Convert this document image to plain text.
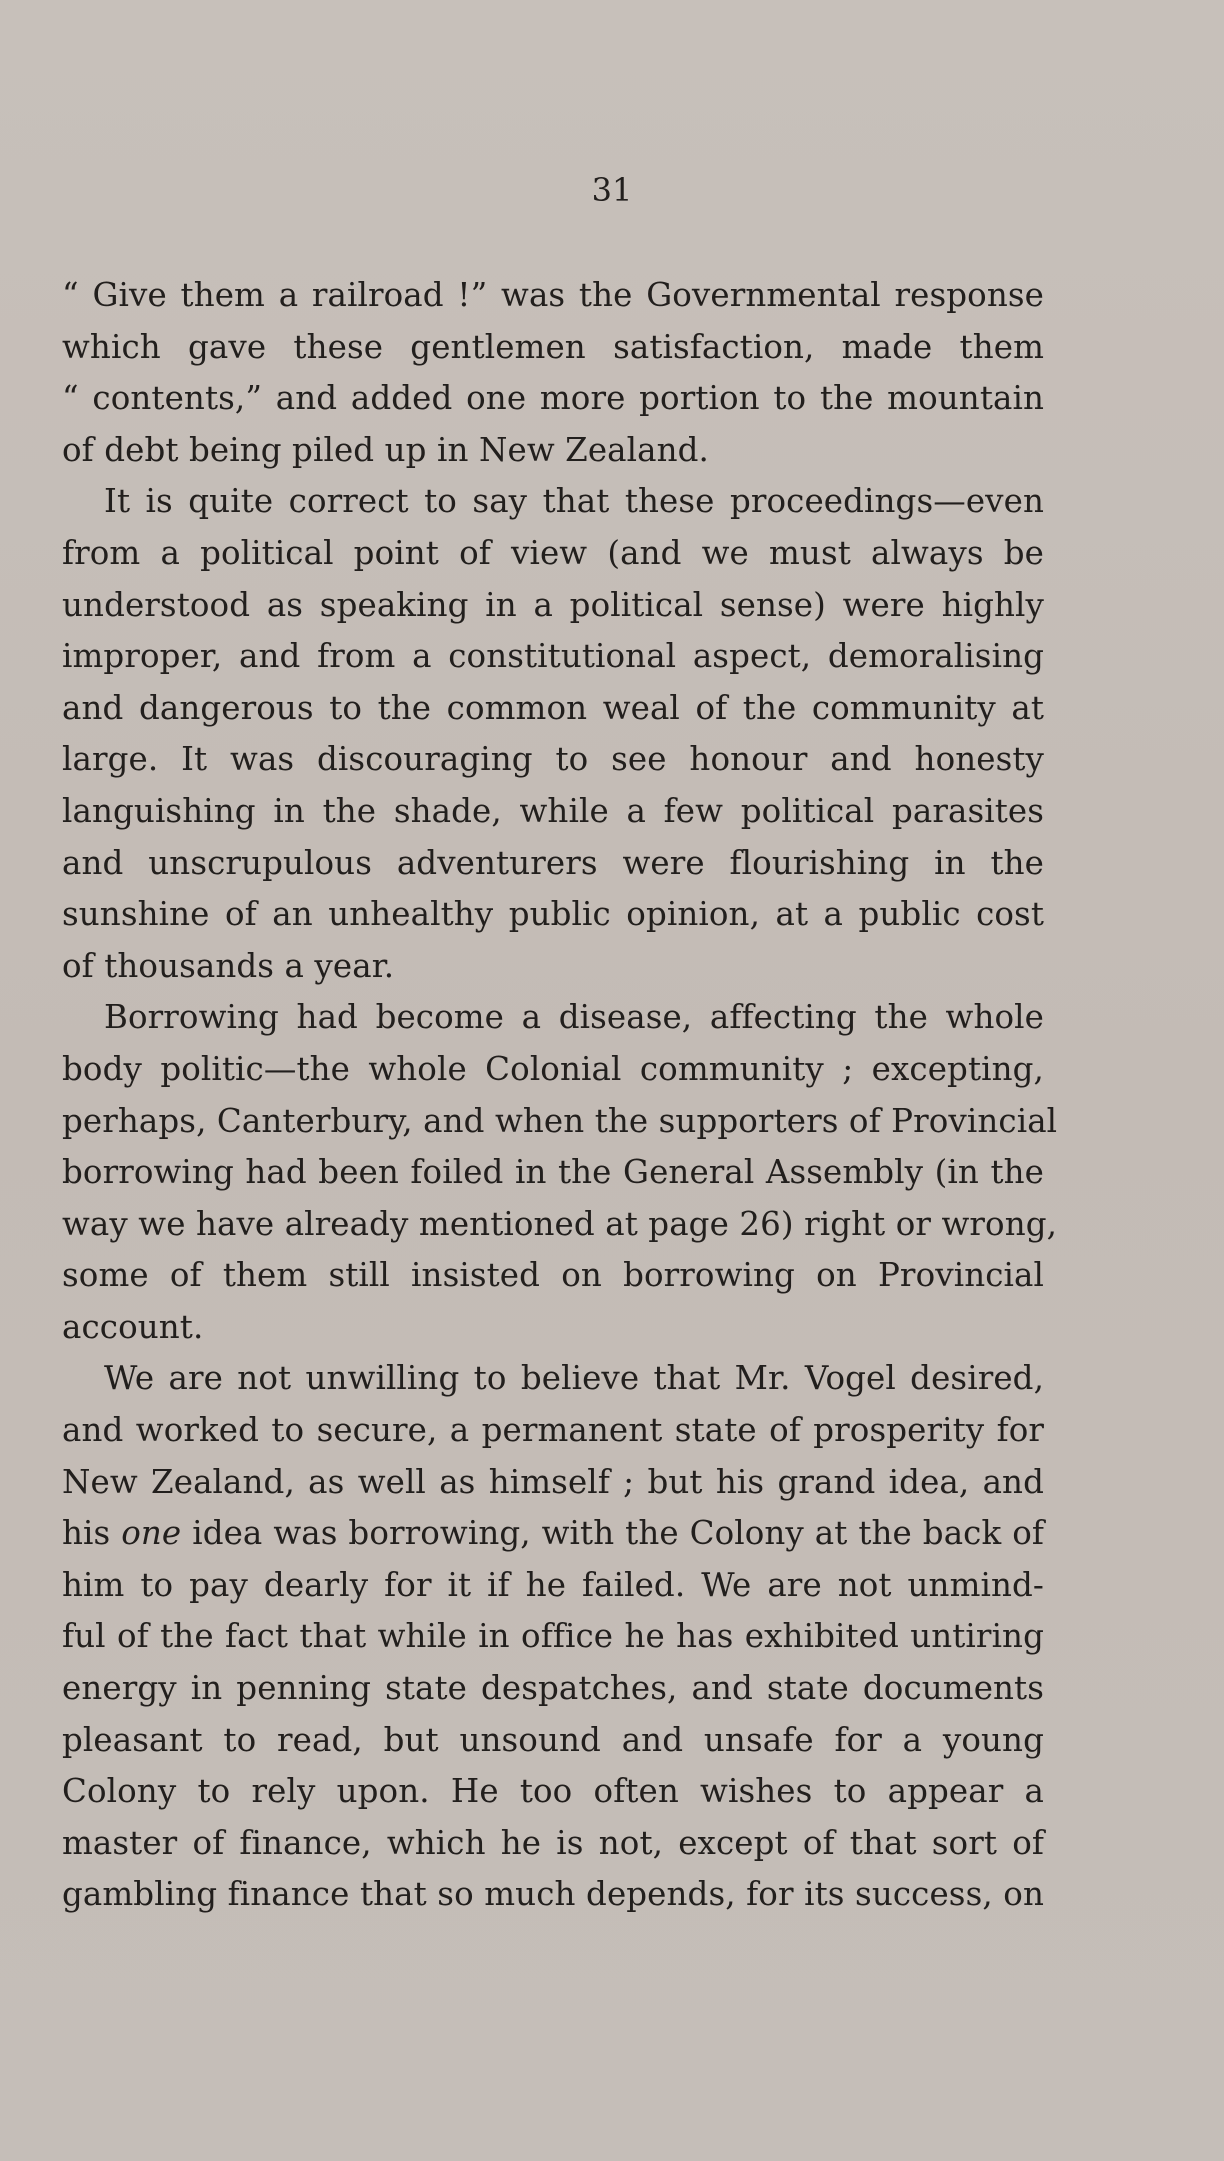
31
“ Give them a railroad !” was the Governmental response
which gave these gentlemen satisfaction, made them
“ contents,” and added one more portion to the mountain
of debt being piled up in New Zealand.
It is quite correct to say that these proceedings—even
from a political point of view (and we must always be
understood as speaking in a political sense) were highly
improper, and from a constitutional aspect, demoralising
and dangerous to the common weal of the community at
large. It was discouraging to see honour and honesty
languishing in the shade, while a few political parasites
and unscrupulous adventurers were flourishing in the
sunshine of an unhealthy public opinion, at a public cost
of thousands a year.
Borrowing had become a disease, affecting the whole
body politic—the whole Colonial community ; excepting,
perhaps, Canterbury, and when the supporters of Provincial
borrowing had been foiled in the General Assembly (in the
way we have already mentioned at page 26) right or wrong,
some of them still insisted on borrowing on Provincial
account.
We are not unwilling to believe that Mr. Vogel desired,
and worked to secure, a permanent state of prosperity for
New Zealand, as well as himself ; but his grand idea, and
his one idea was borrowing, with the Colony at the back of
him to pay dearly for it if he failed. We are not unmind-
ful of the fact that while in office he has exhibited untiring
energy in penning state despatches, and state documents
pleasant to read, but unsound and unsafe for a young
Colony to rely upon. He too often wishes to appear a
master of finance, which he is not, except of that sort of
gambling finance that so much depends, for its success, on
